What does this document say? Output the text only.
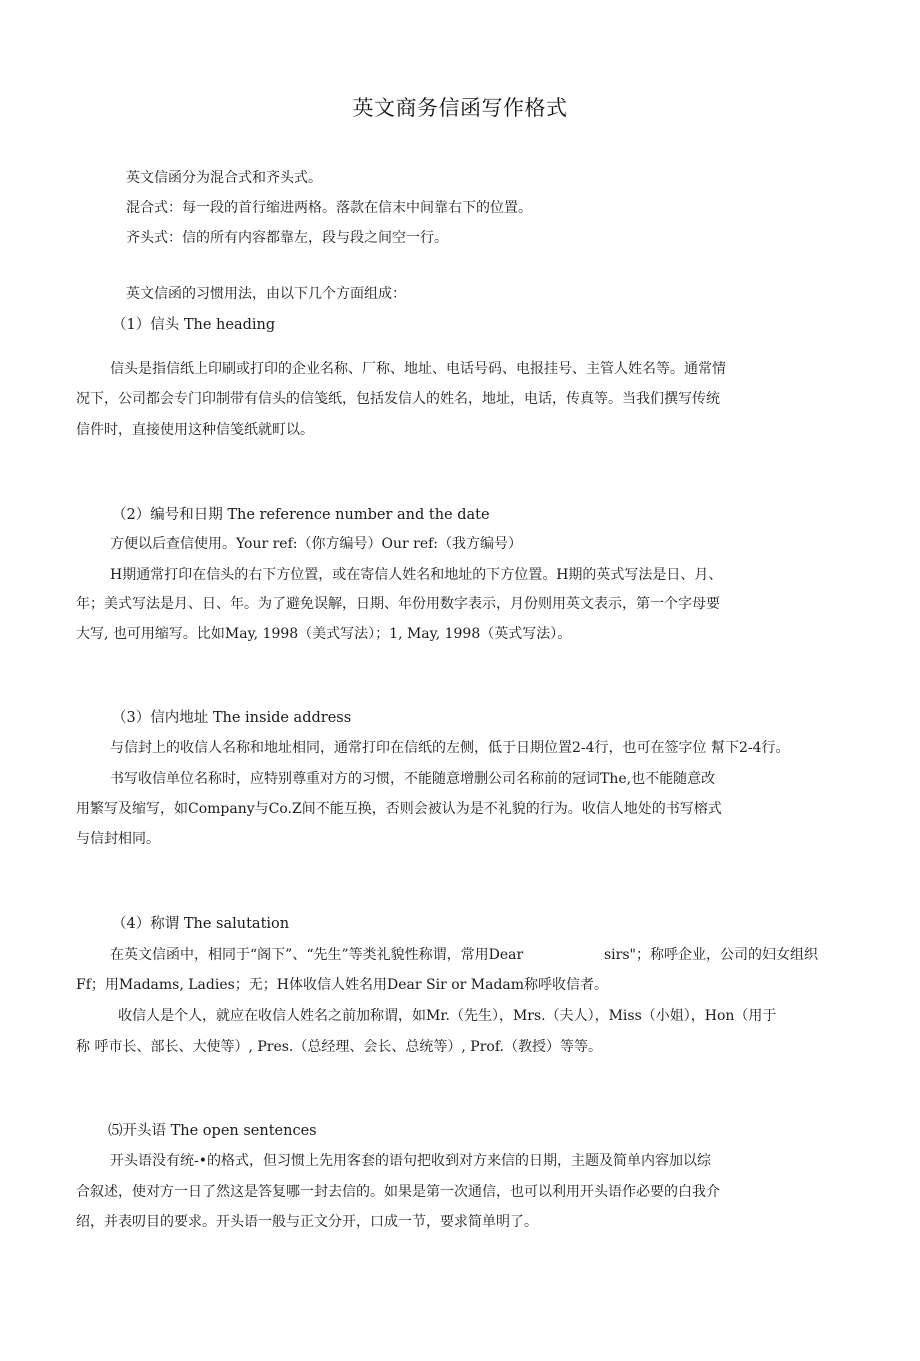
英文商务信函写作格式
英文信函分为混合式和齐头式。
混合式：每一段的首行缩进两格。落款在信末中间靠右下的位置。
齐头式：信的所有内容都靠左，段与段之间空一行。
英文信函的习惯用法，由以下几个方面组成：
（1）信头 The heading
信头是指信纸上印刷或打印的企业名称、厂称、地址、电话号码、电报挂号、主管人姓名等。通常情
况下，公司都会专门印制带有信头的信笺纸，包括发信人的姓名，地址，电话，传真等。当我们撰写传统
信件时，直接使用这种信笺纸就町以。
（2）编号和日期 The reference number and the date
方便以后查信使用。Your ref:（你方编号）Our ref:（我方编号）
H期通常打印在信头的右下方位置，或在寄信人姓名和地址的下方位置。H期的英式写法是日、月、
年；美式写法是月、日、年。为了避免误解，日期、年份用数字表示，月份则用英文表示，第一个字母要
大写, 也可用缩写。比如May, 1998（美式写法）；1, May, 1998（英式写法）。
（3）信内地址 The inside address
与信封上的收信人名称和地址相同，通常打印在信纸的左侧，低于日期位置2-4行，也可在签字位 幫下2-4行。
书写收信单位名称时，应特别尊重对方的习惯，不能随意增删公司名称前的冠词The,也不能随意改
用繁写及缩写，如Company与Co.Z间不能互换，否则会被认为是不礼貌的行为。收信人地处的书写榕式
与信封相同。
（4）称谓 The salutation
在英文信函中，相同于“阁下”、“先生”等类礼貌性称谓，常用Dear	sirs"；称呼企业，公司的妇女组织
Ff；用Madams, Ladies；无；H体收信人姓名用Dear Sir or Madam称呼收信者。
收信人是个人，就应在收信人姓名之前加称谓，如Mr.（先生），Mrs.（夫人），Miss（小姐），Hon（用于
称 呼市长、部长、大使等）, Pres.（总经理、会长、总统等）, Prof.（教授）等等。
⑸开头语 The open sentences
开头语没有统-•的格式，但习惯上先用客套的语句把收到对方来信的日期，主题及简单内容加以综
合叙述，使对方一日了然这是答复哪一封去信的。如果是第一次通信，也可以利用开头语作必要的白我介
绍，并表叨目的要求。开头语一般与正文分开，口成一节，要求简单明了。
